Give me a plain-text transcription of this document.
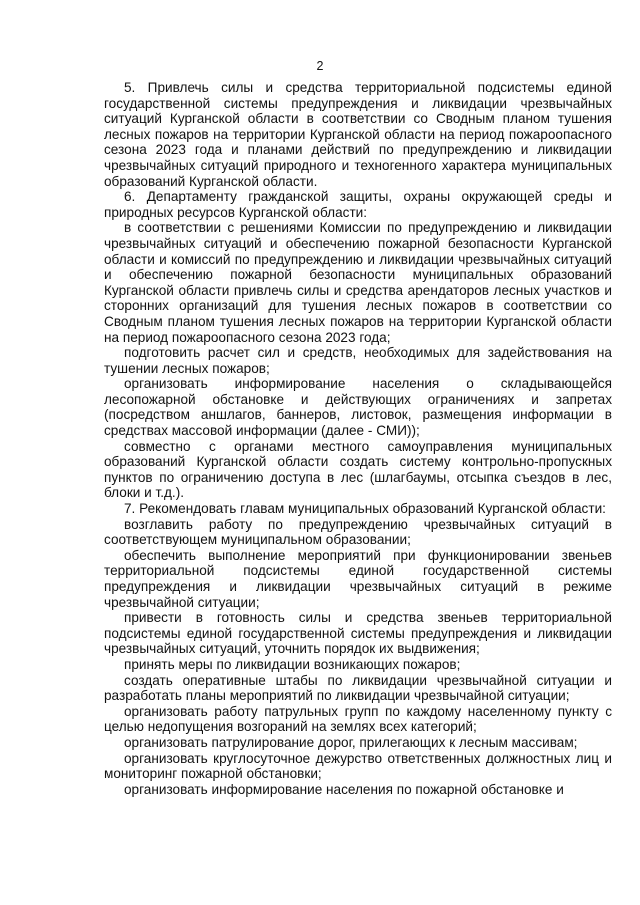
2

5. Привлечь силы и средства территориальной подсистемы единой государственной системы предупреждения и ликвидации чрезвычайных ситуаций Курганской области в соответствии со Сводным планом тушения лесных пожаров на территории Курганской области на период пожароопасного сезона 2023 года и планами действий по предупреждению и ликвидации чрезвычайных ситуаций природного и техногенного характера муниципальных образований Курганской области.

6. Департаменту гражданской защиты, охраны окружающей среды и природных ресурсов Курганской области:

в соответствии с решениями Комиссии по предупреждению и ликвидации чрезвычайных ситуаций и обеспечению пожарной безопасности Курганской области и комиссий по предупреждению и ликвидации чрезвычайных ситуаций и обеспечению пожарной безопасности муниципальных образований Курганской области привлечь силы и средства арендаторов лесных участков и сторонних организаций для тушения лесных пожаров в соответствии со Сводным планом тушения лесных пожаров на территории Курганской области на период пожароопасного сезона 2023 года;

подготовить расчет сил и средств, необходимых для задействования на тушении лесных пожаров;

организовать информирование населения о складывающейся лесопожарной обстановке и действующих ограничениях и запретах (посредством аншлагов, баннеров, листовок, размещения информации в средствах массовой информации (далее - СМИ));

совместно с органами местного самоуправления муниципальных образований Курганской области создать систему контрольно-пропускных пунктов по ограничению доступа в лес (шлагбаумы, отсыпка съездов в лес, блоки и т.д.).

7. Рекомендовать главам муниципальных образований Курганской области:

возглавить работу по предупреждению чрезвычайных ситуаций в соответствующем муниципальном образовании;

обеспечить выполнение мероприятий при функционировании звеньев территориальной подсистемы единой государственной системы предупреждения и ликвидации чрезвычайных ситуаций в режиме чрезвычайной ситуации;

привести в готовность силы и средства звеньев территориальной подсистемы единой государственной системы предупреждения и ликвидации чрезвычайных ситуаций, уточнить порядок их выдвижения;

принять меры по ликвидации возникающих пожаров;

создать оперативные штабы по ликвидации чрезвычайной ситуации и разработать планы мероприятий по ликвидации чрезвычайной ситуации;

организовать работу патрульных групп по каждому населенному пункту с целью недопущения возгораний на землях всех категорий;

организовать патрулирование дорог, прилегающих к лесным массивам;

организовать круглосуточное дежурство ответственных должностных лиц и мониторинг пожарной обстановки;

организовать информирование населения по пожарной обстановке и
